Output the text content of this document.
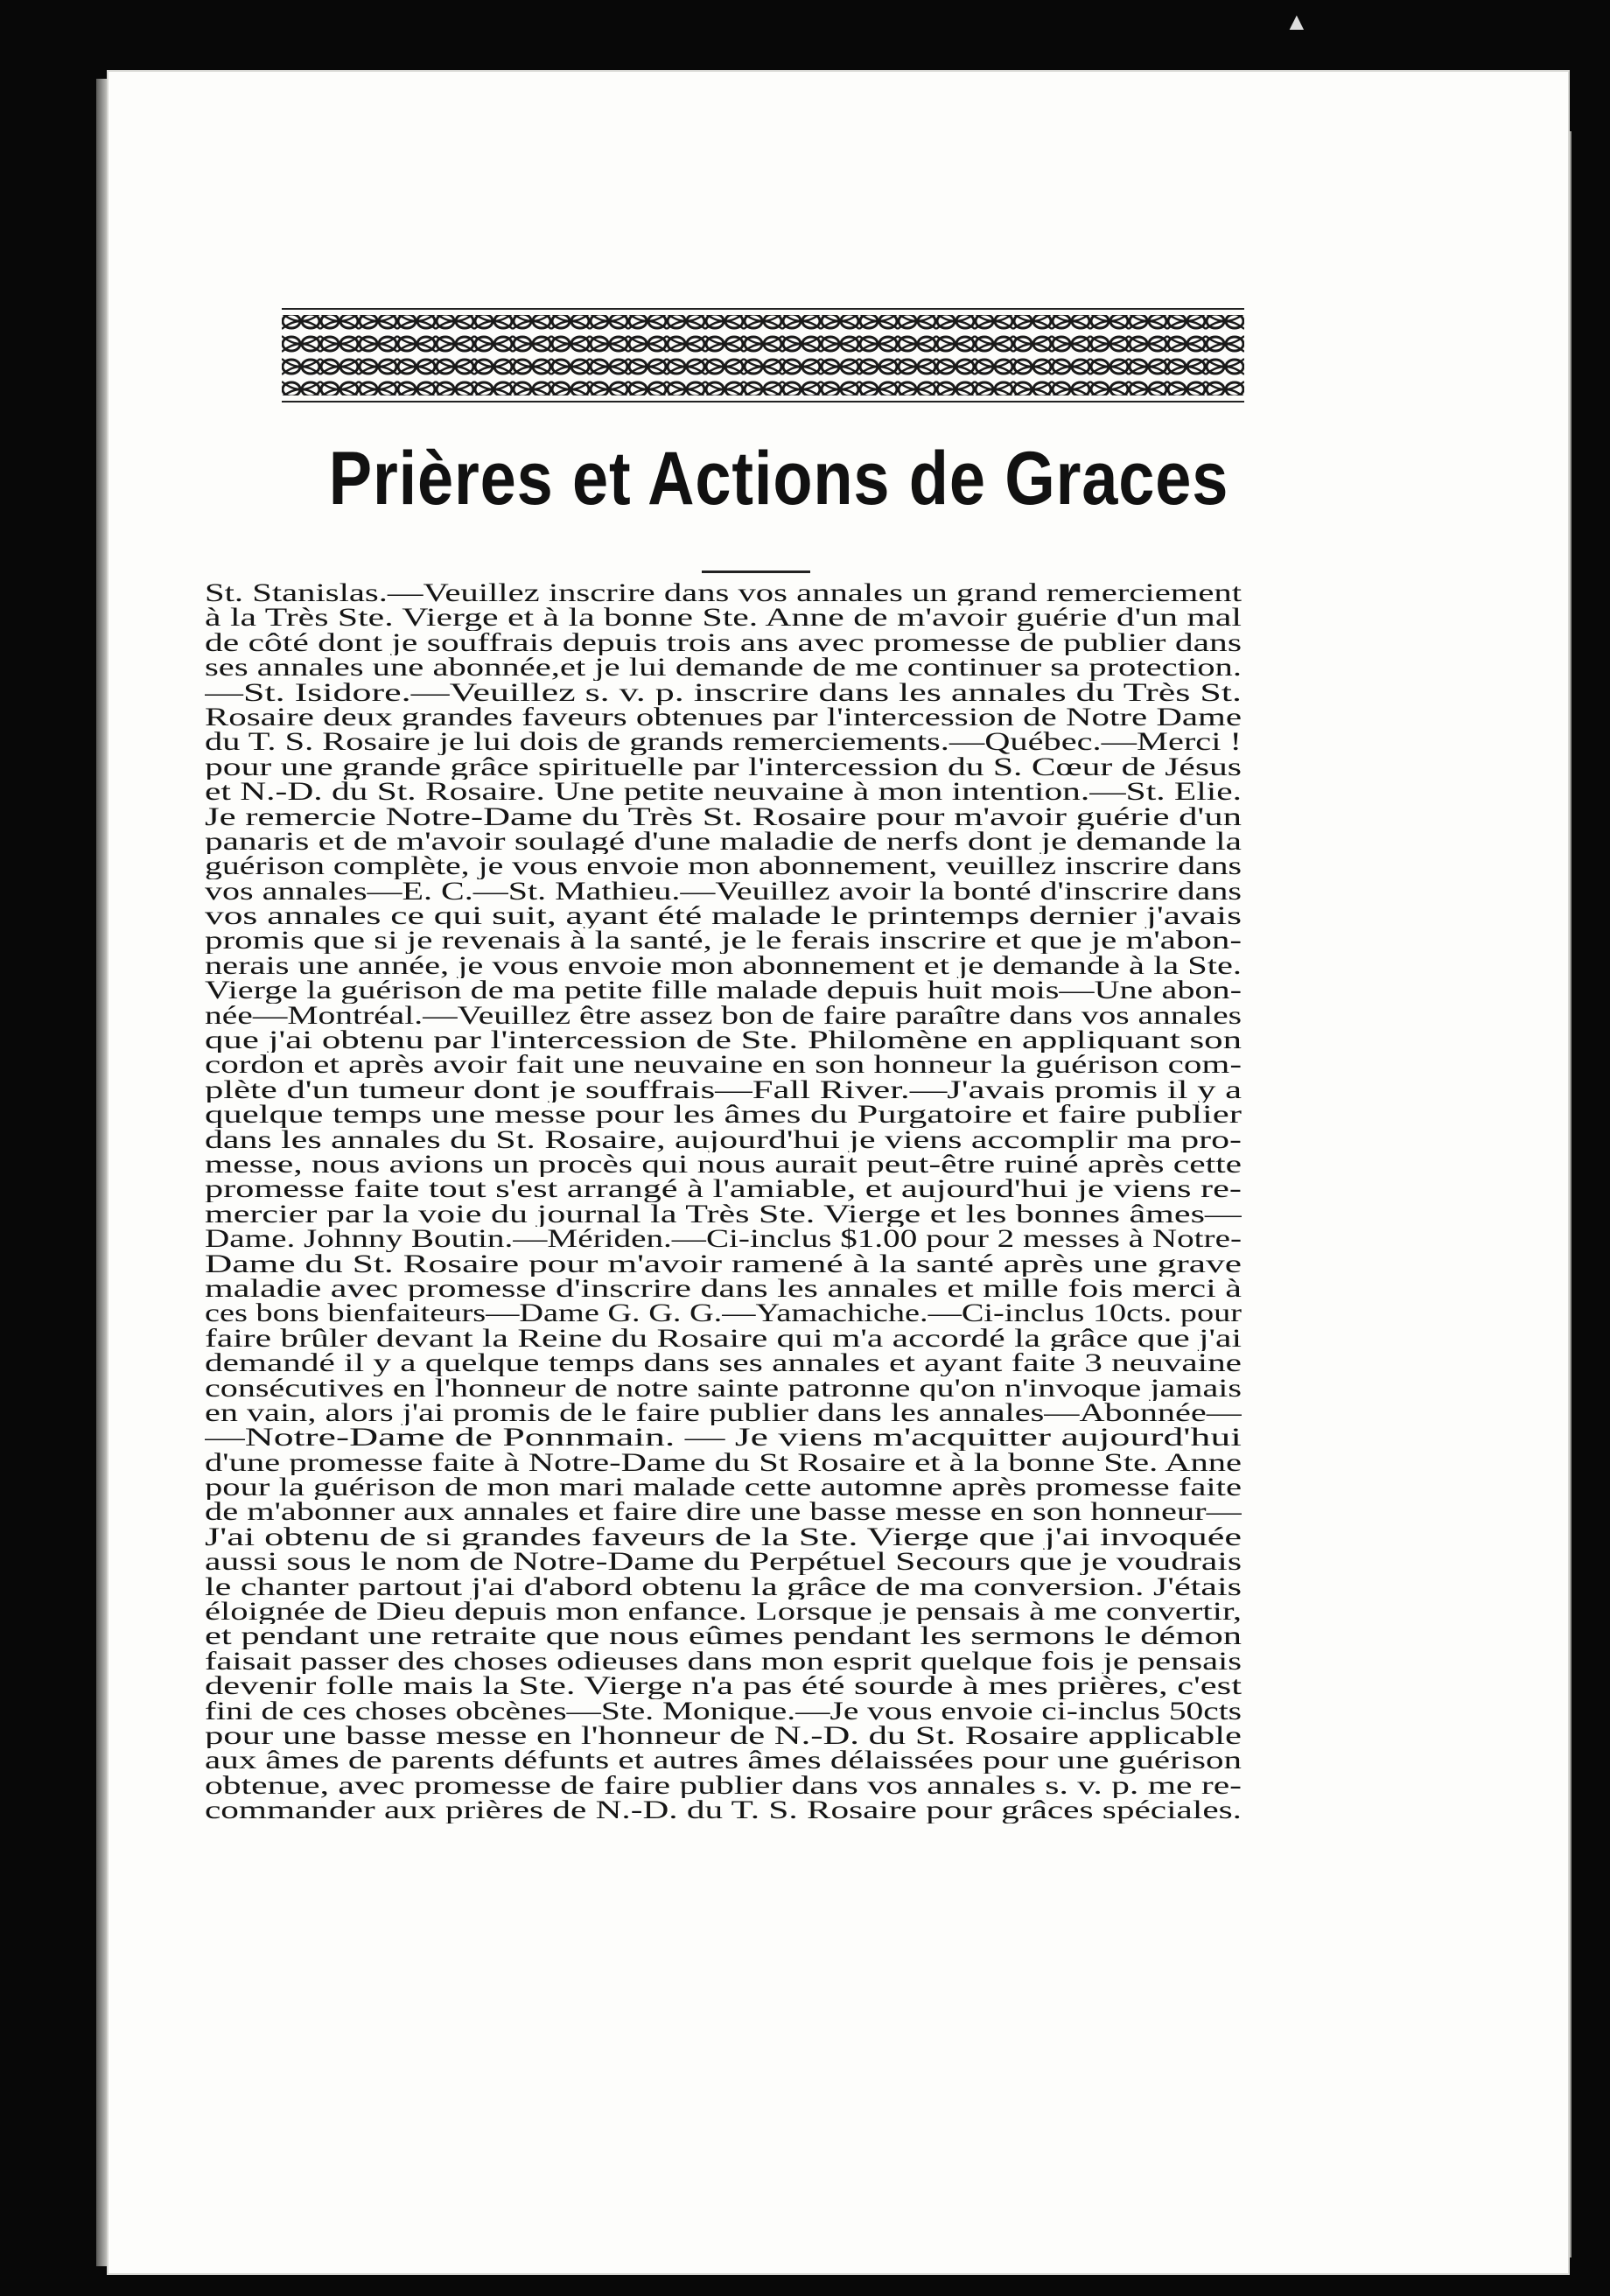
▲
Prières et Actions de Graces
St. Stanislas.—Veuillez inscrire dans vos annales un grand remerciement
à la Très Ste. Vierge et à la bonne Ste. Anne de m'avoir guérie d'un mal
de côté dont je souffrais depuis trois ans avec promesse de publier dans
ses annales une abonnée,et je lui demande de me continuer sa protection.
—St. Isidore.—Veuillez s. v. p. inscrire dans les annales du Très St.
Rosaire deux grandes faveurs obtenues par l'intercession de Notre Dame
du T. S. Rosaire je lui dois de grands remerciements.—Québec.—Merci !
pour une grande grâce spirituelle par l'intercession du S. Cœur de Jésus
et N.-D. du St. Rosaire. Une petite neuvaine à mon intention.—St. Elie.
Je remercie Notre-Dame du Très St. Rosaire pour m'avoir guérie d'un
panaris et de m'avoir soulagé d'une maladie de nerfs dont je demande la
guérison complète, je vous envoie mon abonnement, veuillez inscrire dans
vos annales—E. C.—St. Mathieu.—Veuillez avoir la bonté d'inscrire dans
vos annales ce qui suit, ayant été malade le printemps dernier j'avais
promis que si je revenais à la santé, je le ferais inscrire et que je m'abon-
nerais une année, je vous envoie mon abonnement et je demande à la Ste.
Vierge la guérison de ma petite fille malade depuis huit mois—Une abon-
née—Montréal.—Veuillez être assez bon de faire paraître dans vos annales
que j'ai obtenu par l'intercession de Ste. Philomène en appliquant son
cordon et après avoir fait une neuvaine en son honneur la guérison com-
plète d'un tumeur dont je souffrais—Fall River.—J'avais promis il y a
quelque temps une messe pour les âmes du Purgatoire et faire publier
dans les annales du St. Rosaire, aujourd'hui je viens accomplir ma pro-
messe, nous avions un procès qui nous aurait peut-être ruiné après cette
promesse faite tout s'est arrangé à l'amiable, et aujourd'hui je viens re-
mercier par la voie du journal la Très Ste. Vierge et les bonnes âmes—
Dame. Johnny Boutin.—Mériden.—Ci-inclus $1.00 pour 2 messes à Notre-
Dame du St. Rosaire pour m'avoir ramené à la santé après une grave
maladie avec promesse d'inscrire dans les annales et mille fois merci à
ces bons bienfaiteurs—Dame G. G. G.—Yamachiche.—Ci-inclus 10cts. pour
faire brûler devant la Reine du Rosaire qui m'a accordé la grâce que j'ai
demandé il y a quelque temps dans ses annales et ayant faite 3 neuvaine
consécutives en l'honneur de notre sainte patronne qu'on n'invoque jamais
en vain, alors j'ai promis de le faire publier dans les annales—Abonnée—
—Notre-Dame de Ponnmain. — Je viens m'acquitter aujourd'hui
d'une promesse faite à Notre-Dame du St Rosaire et à la bonne Ste. Anne
pour la guérison de mon mari malade cette automne après promesse faite
de m'abonner aux annales et faire dire une basse messe en son honneur—
J'ai obtenu de si grandes faveurs de la Ste. Vierge que j'ai invoquée
aussi sous le nom de Notre-Dame du Perpétuel Secours que je voudrais
le chanter partout j'ai d'abord obtenu la grâce de ma conversion. J'étais
éloignée de Dieu depuis mon enfance. Lorsque je pensais à me convertir,
et pendant une retraite que nous eûmes pendant les sermons le démon
faisait passer des choses odieuses dans mon esprit quelque fois je pensais
devenir folle mais la Ste. Vierge n'a pas été sourde à mes prières, c'est
fini de ces choses obcènes—Ste. Monique.—Je vous envoie ci-inclus 50cts
pour une basse messe en l'honneur de N.-D. du St. Rosaire applicable
aux âmes de parents défunts et autres âmes délaissées pour une guérison
obtenue, avec promesse de faire publier dans vos annales s. v. p. me re-
commander aux prières de N.-D. du T. S. Rosaire pour grâces spéciales.
